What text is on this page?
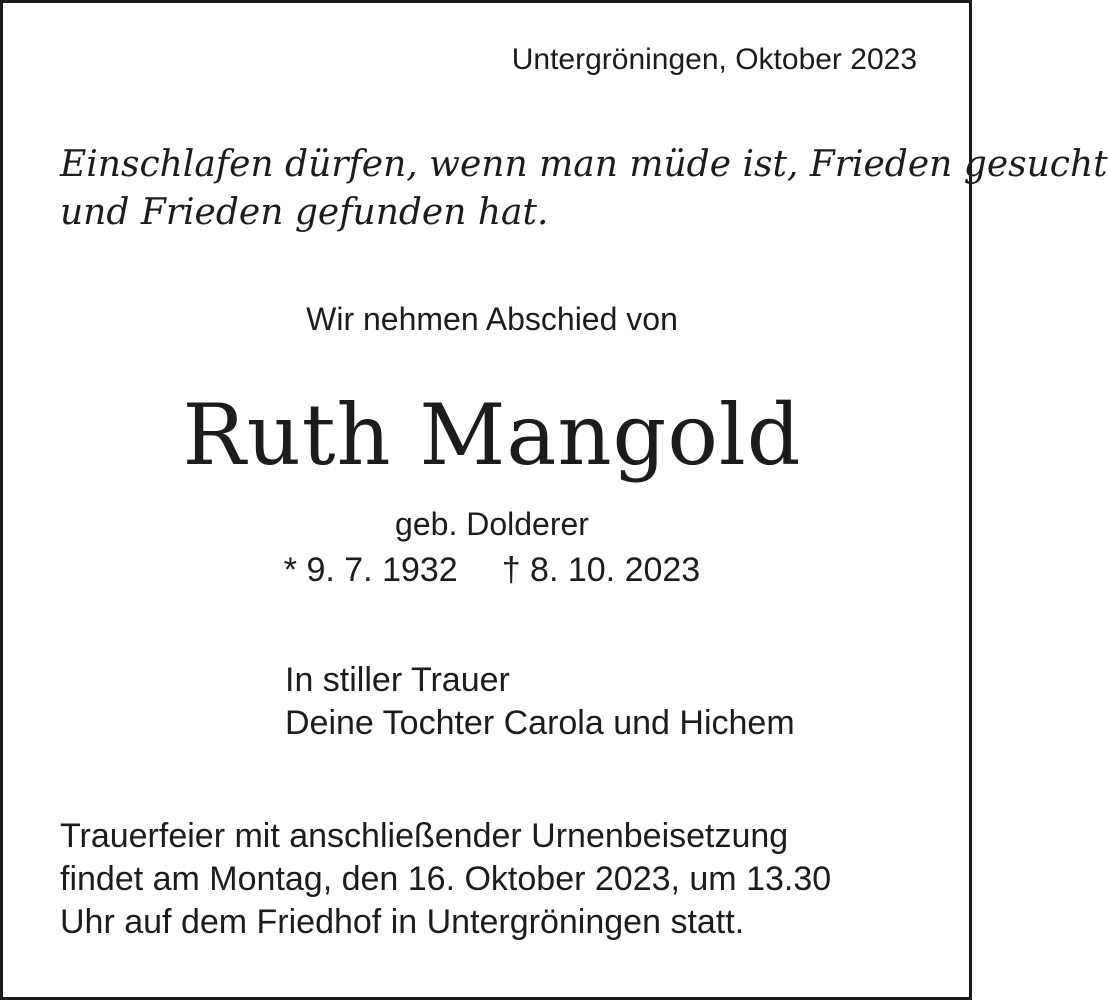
Untergröningen, Oktober 2023
Einschlafen dürfen, wenn man müde ist, Frieden gesucht
und Frieden gefunden hat.
Wir nehmen Abschied von
Ruth Mangold
geb. Dolderer
* 9. 7. 1932 † 8. 10. 2023
In stiller Trauer
Deine Tochter Carola und Hichem
Trauerfeier mit anschließender Urnenbeisetzung
findet am Montag, den 16. Oktober 2023, um 13.30
Uhr auf dem Friedhof in Untergröningen statt.
